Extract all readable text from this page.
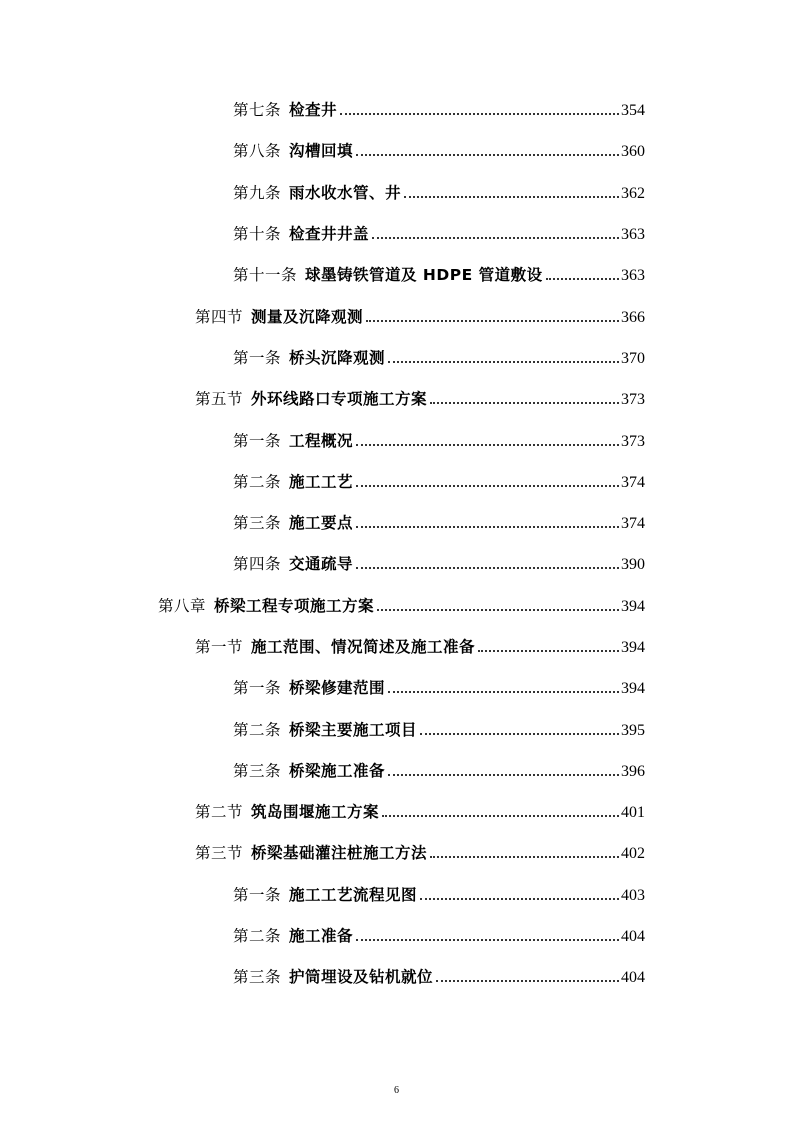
第七条 检查井	354
第八条 沟槽回填	360
第九条 雨水收水管、井	362
第十条 检查井井盖	363
第十一条 球墨铸铁管道及 HDPE 管道敷设	363
第四节 测量及沉降观测	366
第一条 桥头沉降观测	370
第五节 外环线路口专项施工方案	373
第一条 工程概况	373
第二条 施工工艺	374
第三条 施工要点	374
第四条 交通疏导	390
第八章 桥梁工程专项施工方案	394
第一节 施工范围、情况简述及施工准备	394
第一条 桥梁修建范围	394
第二条 桥梁主要施工项目	395
第三条 桥梁施工准备	396
第二节 筑岛围堰施工方案	401
第三节 桥梁基础灌注桩施工方法	402
第一条 施工工艺流程见图	403
第二条 施工准备	404
第三条 护筒埋设及钻机就位	404
6
